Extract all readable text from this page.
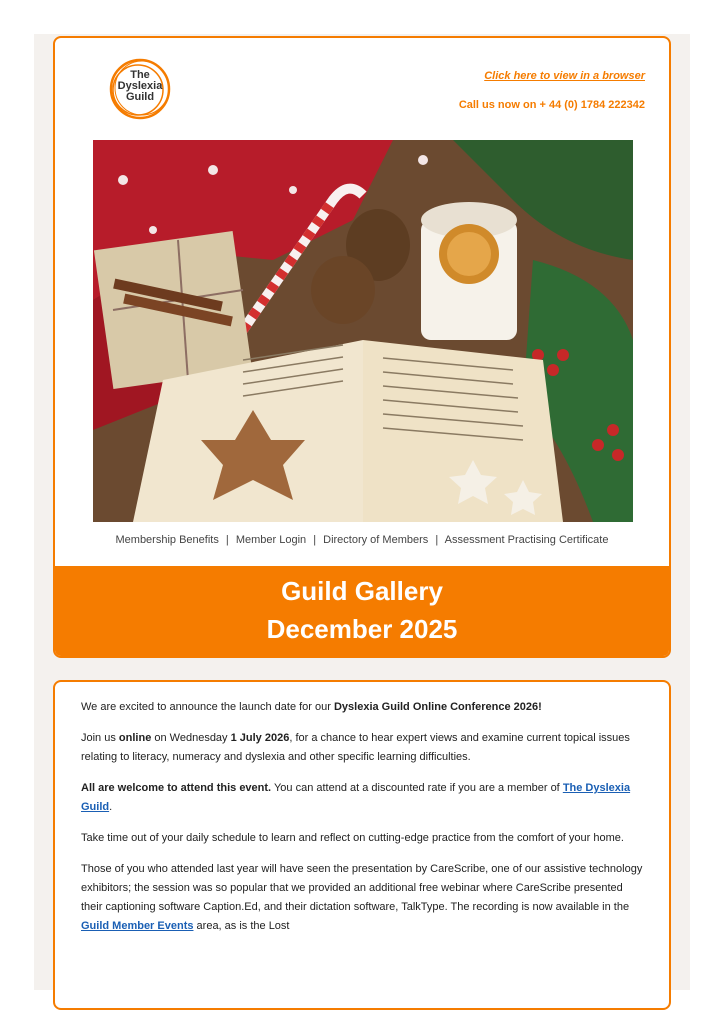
The
Dyslexia
Guild
Click here to view in a browser
Call us now on + 44 (0) 1784 222342
Membership Benefits | Member Login | Directory of Members | Assessment Practising Certificate
Guild Gallery
December 2025

We are excited to announce the launch date for our Dyslexia Guild Online Conference 2026!

Join us online on Wednesday 1 July 2026, for a chance to hear expert views and examine current topical issues relating to literacy, numeracy and dyslexia and other specific learning difficulties.

All are welcome to attend this event. You can attend at a discounted rate if you are a member of The Dyslexia Guild.

Take time out of your daily schedule to learn and reflect on cutting-edge practice from the comfort of your home.

Those of you who attended last year will have seen the presentation by CareScribe, one of our assistive technology exhibitors; the session was so popular that we provided an additional free webinar where CareScribe presented their captioning software Caption.Ed, and their dictation software, TalkType. The recording is now available in the Guild Member Events area, as is the Lost
